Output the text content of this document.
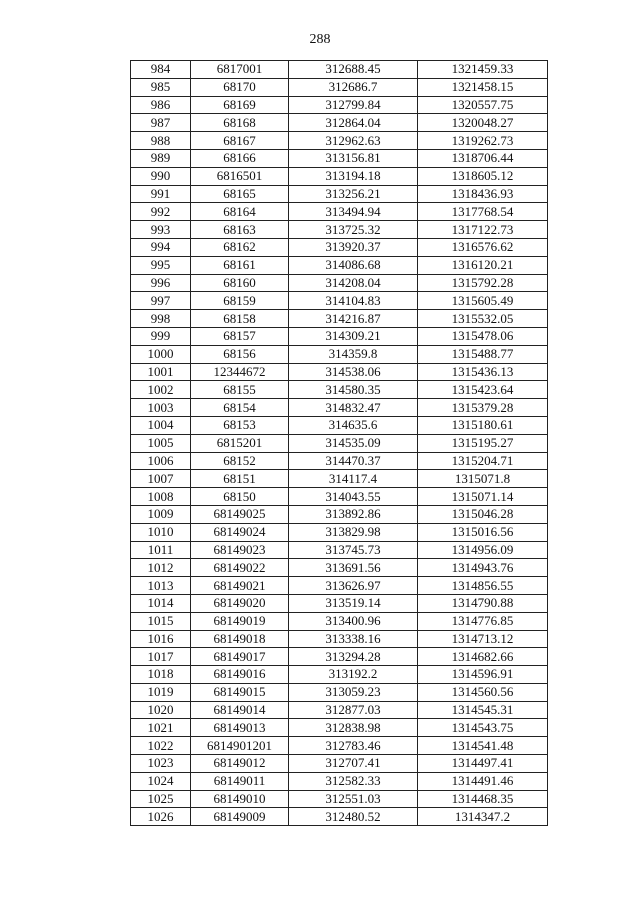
288
984	6817001	312688.45	1321459.33
985	68170	312686.7	1321458.15
986	68169	312799.84	1320557.75
987	68168	312864.04	1320048.27
988	68167	312962.63	1319262.73
989	68166	313156.81	1318706.44
990	6816501	313194.18	1318605.12
991	68165	313256.21	1318436.93
992	68164	313494.94	1317768.54
993	68163	313725.32	1317122.73
994	68162	313920.37	1316576.62
995	68161	314086.68	1316120.21
996	68160	314208.04	1315792.28
997	68159	314104.83	1315605.49
998	68158	314216.87	1315532.05
999	68157	314309.21	1315478.06
1000	68156	314359.8	1315488.77
1001	12344672	314538.06	1315436.13
1002	68155	314580.35	1315423.64
1003	68154	314832.47	1315379.28
1004	68153	314635.6	1315180.61
1005	6815201	314535.09	1315195.27
1006	68152	314470.37	1315204.71
1007	68151	314117.4	1315071.8
1008	68150	314043.55	1315071.14
1009	68149025	313892.86	1315046.28
1010	68149024	313829.98	1315016.56
1011	68149023	313745.73	1314956.09
1012	68149022	313691.56	1314943.76
1013	68149021	313626.97	1314856.55
1014	68149020	313519.14	1314790.88
1015	68149019	313400.96	1314776.85
1016	68149018	313338.16	1314713.12
1017	68149017	313294.28	1314682.66
1018	68149016	313192.2	1314596.91
1019	68149015	313059.23	1314560.56
1020	68149014	312877.03	1314545.31
1021	68149013	312838.98	1314543.75
1022	6814901201	312783.46	1314541.48
1023	68149012	312707.41	1314497.41
1024	68149011	312582.33	1314491.46
1025	68149010	312551.03	1314468.35
1026	68149009	312480.52	1314347.2
